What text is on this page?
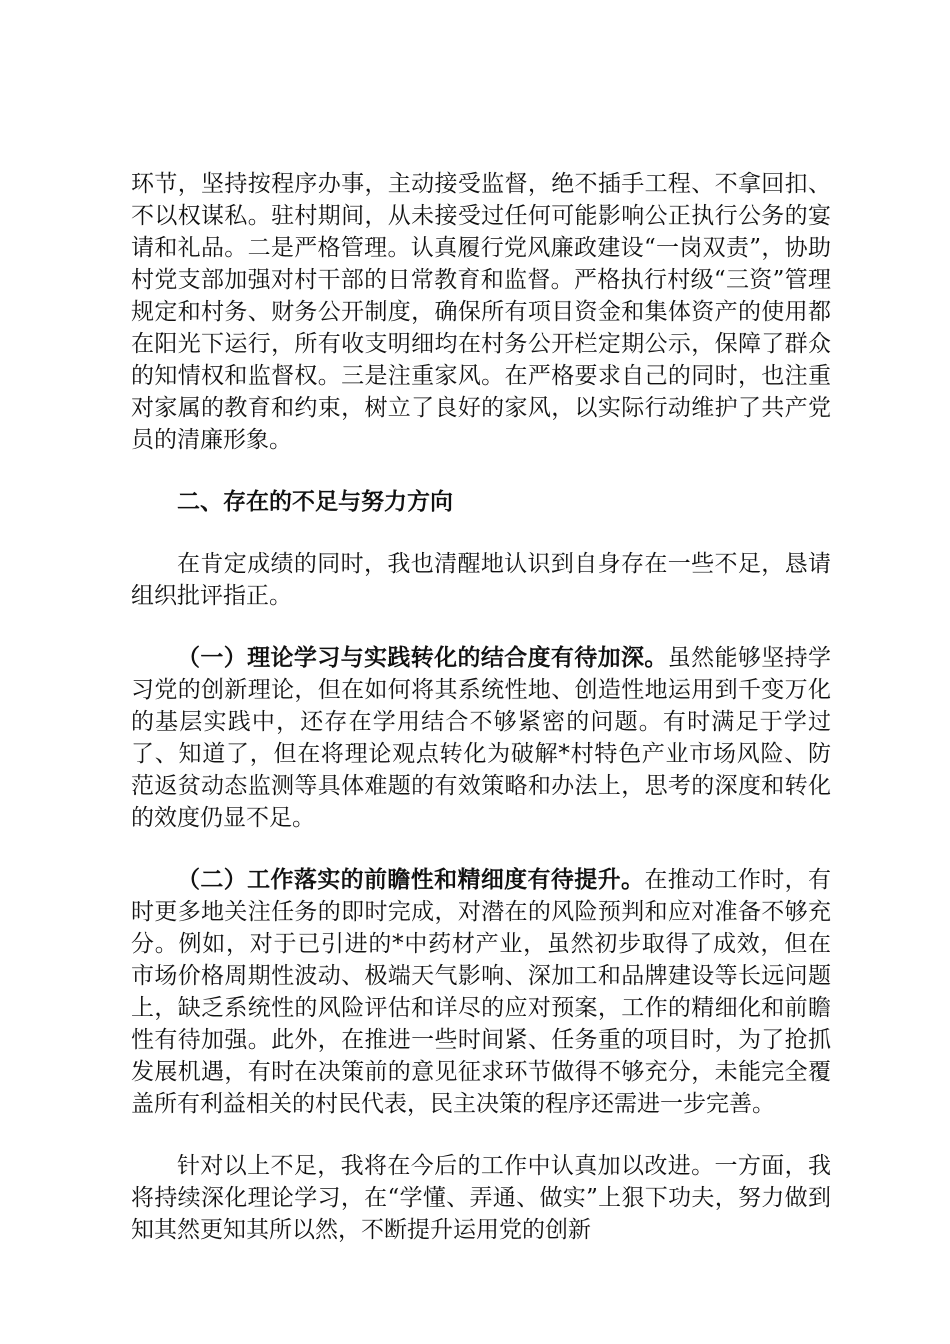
环节，坚持按程序办事，主动接受监督，绝不插手工程、不拿回扣、不以权谋私。驻村期间，从未接受过任何可能影响公正执行公务的宴请和礼品。二是严格管理。认真履行党风廉政建设“一岗双责”，协助村党支部加强对村干部的日常教育和监督。严格执行村级“三资”管理规定和村务、财务公开制度，确保所有项目资金和集体资产的使用都在阳光下运行，所有收支明细均在村务公开栏定期公示，保障了群众的知情权和监督权。三是注重家风。在严格要求自己的同时，也注重对家属的教育和约束，树立了良好的家风，以实际行动维护了共产党员的清廉形象。

二、存在的不足与努力方向

在肯定成绩的同时，我也清醒地认识到自身存在一些不足，恳请组织批评指正。

（一）理论学习与实践转化的结合度有待加深。虽然能够坚持学习党的创新理论，但在如何将其系统性地、创造性地运用到千变万化的基层实践中，还存在学用结合不够紧密的问题。有时满足于学过了、知道了，但在将理论观点转化为破解*村特色产业市场风险、防范返贫动态监测等具体难题的有效策略和办法上，思考的深度和转化的效度仍显不足。

（二）工作落实的前瞻性和精细度有待提升。在推动工作时，有时更多地关注任务的即时完成，对潜在的风险预判和应对准备不够充分。例如，对于已引进的*中药材产业，虽然初步取得了成效，但在市场价格周期性波动、极端天气影响、深加工和品牌建设等长远问题上，缺乏系统性的风险评估和详尽的应对预案，工作的精细化和前瞻性有待加强。此外，在推进一些时间紧、任务重的项目时，为了抢抓发展机遇，有时在决策前的意见征求环节做得不够充分，未能完全覆盖所有利益相关的村民代表，民主决策的程序还需进一步完善。

针对以上不足，我将在今后的工作中认真加以改进。一方面，我将持续深化理论学习，在“学懂、弄通、做实”上狠下功夫，努力做到知其然更知其所以然，不断提升运用党的创新
